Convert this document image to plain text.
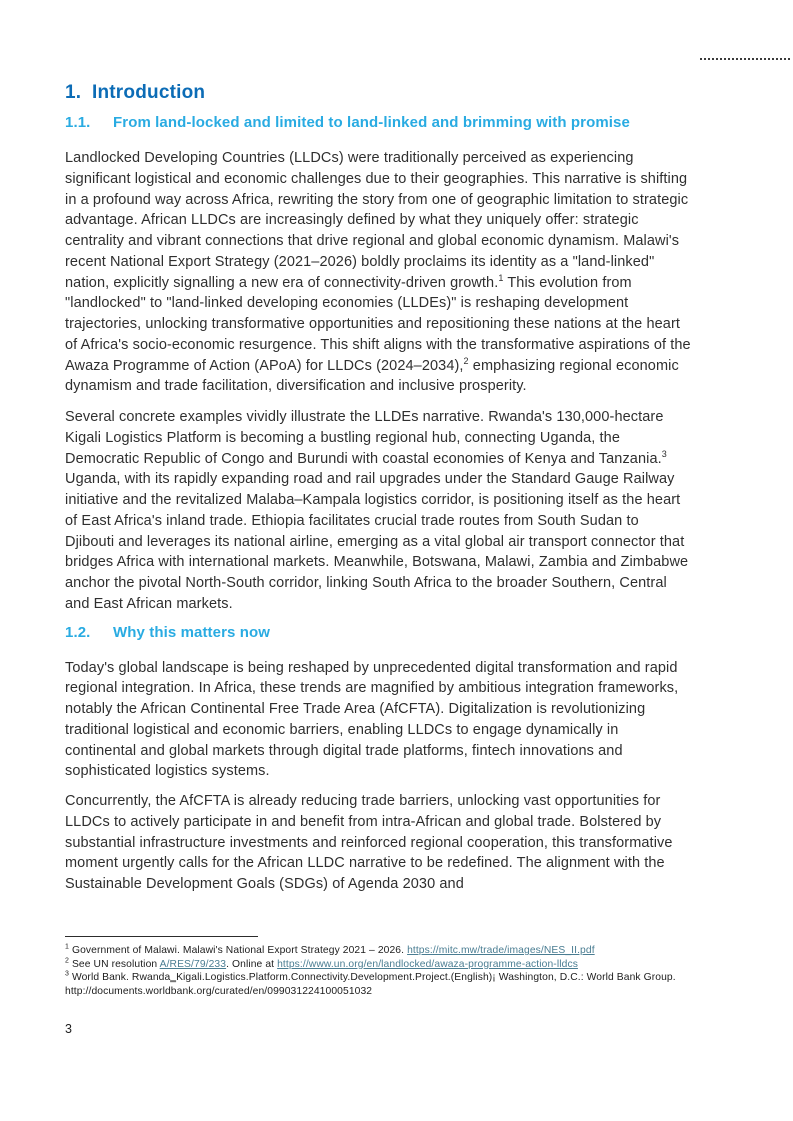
1. Introduction
1.1.	From land-locked and limited to land-linked and brimming with promise

Landlocked Developing Countries (LLDCs) were traditionally perceived as experiencing significant logistical and economic challenges due to their geographies. This narrative is shifting in a profound way across Africa, rewriting the story from one of geographic limitation to strategic advantage. African LLDCs are increasingly defined by what they uniquely offer: strategic centrality and vibrant connections that drive regional and global economic dynamism. Malawi's recent National Export Strategy (2021–2026) boldly proclaims its identity as a "land-linked" nation, explicitly signalling a new era of connectivity-driven growth.$^1$ This evolution from "landlocked" to "land-linked developing economies (LLDEs)" is reshaping development trajectories, unlocking transformative opportunities and repositioning these nations at the heart of Africa's socio-economic resurgence. This shift aligns with the transformative aspirations of the Awaza Programme of Action (APoA) for LLDCs (2024–2034),$^2$ emphasizing regional economic dynamism and trade facilitation, diversification and inclusive prosperity.

Several concrete examples vividly illustrate the LLDEs narrative. Rwanda's 130,000-hectare Kigali Logistics Platform is becoming a bustling regional hub, connecting Uganda, the Democratic Republic of Congo and Burundi with coastal economies of Kenya and Tanzania.$^3$ Uganda, with its rapidly expanding road and rail upgrades under the Standard Gauge Railway initiative and the revitalized Malaba–Kampala logistics corridor, is positioning itself as the heart of East Africa's inland trade. Ethiopia facilitates crucial trade routes from South Sudan to Djibouti and leverages its national airline, emerging as a vital global air transport connector that bridges Africa with international markets. Meanwhile, Botswana, Malawi, Zambia and Zimbabwe anchor the pivotal North-South corridor, linking South Africa to the broader Southern, Central and East African markets.

1.2.	Why this matters now

Today's global landscape is being reshaped by unprecedented digital transformation and rapid regional integration. In Africa, these trends are magnified by ambitious integration frameworks, notably the African Continental Free Trade Area (AfCFTA). Digitalization is revolutionizing traditional logistical and economic barriers, enabling LLDCs to engage dynamically in continental and global markets through digital trade platforms, fintech innovations and sophisticated logistics systems.

Concurrently, the AfCFTA is already reducing trade barriers, unlocking vast opportunities for LLDCs to actively participate in and benefit from intra-African and global trade. Bolstered by substantial infrastructure investments and reinforced regional cooperation, this transformative moment urgently calls for the African LLDC narrative to be redefined. The alignment with the Sustainable Development Goals (SDGs) of Agenda 2030 and

$^1$ Government of Malawi. Malawi's National Export Strategy 2021 – 2026. https://mitc.mw/trade/images/NES_II.pdf
$^2$ See UN resolution A/RES/79/233. Online at https://www.un.org/en/landlocked/awaza-programme-action-lldcs
$^3$ World Bank. Rwanda‗Kigali.Logistics.Platform.Connectivity.Development.Project.(English)¡ Washington, D.C.: World Bank Group. http://documents.worldbank.org/curated/en/099031224100051032
3
